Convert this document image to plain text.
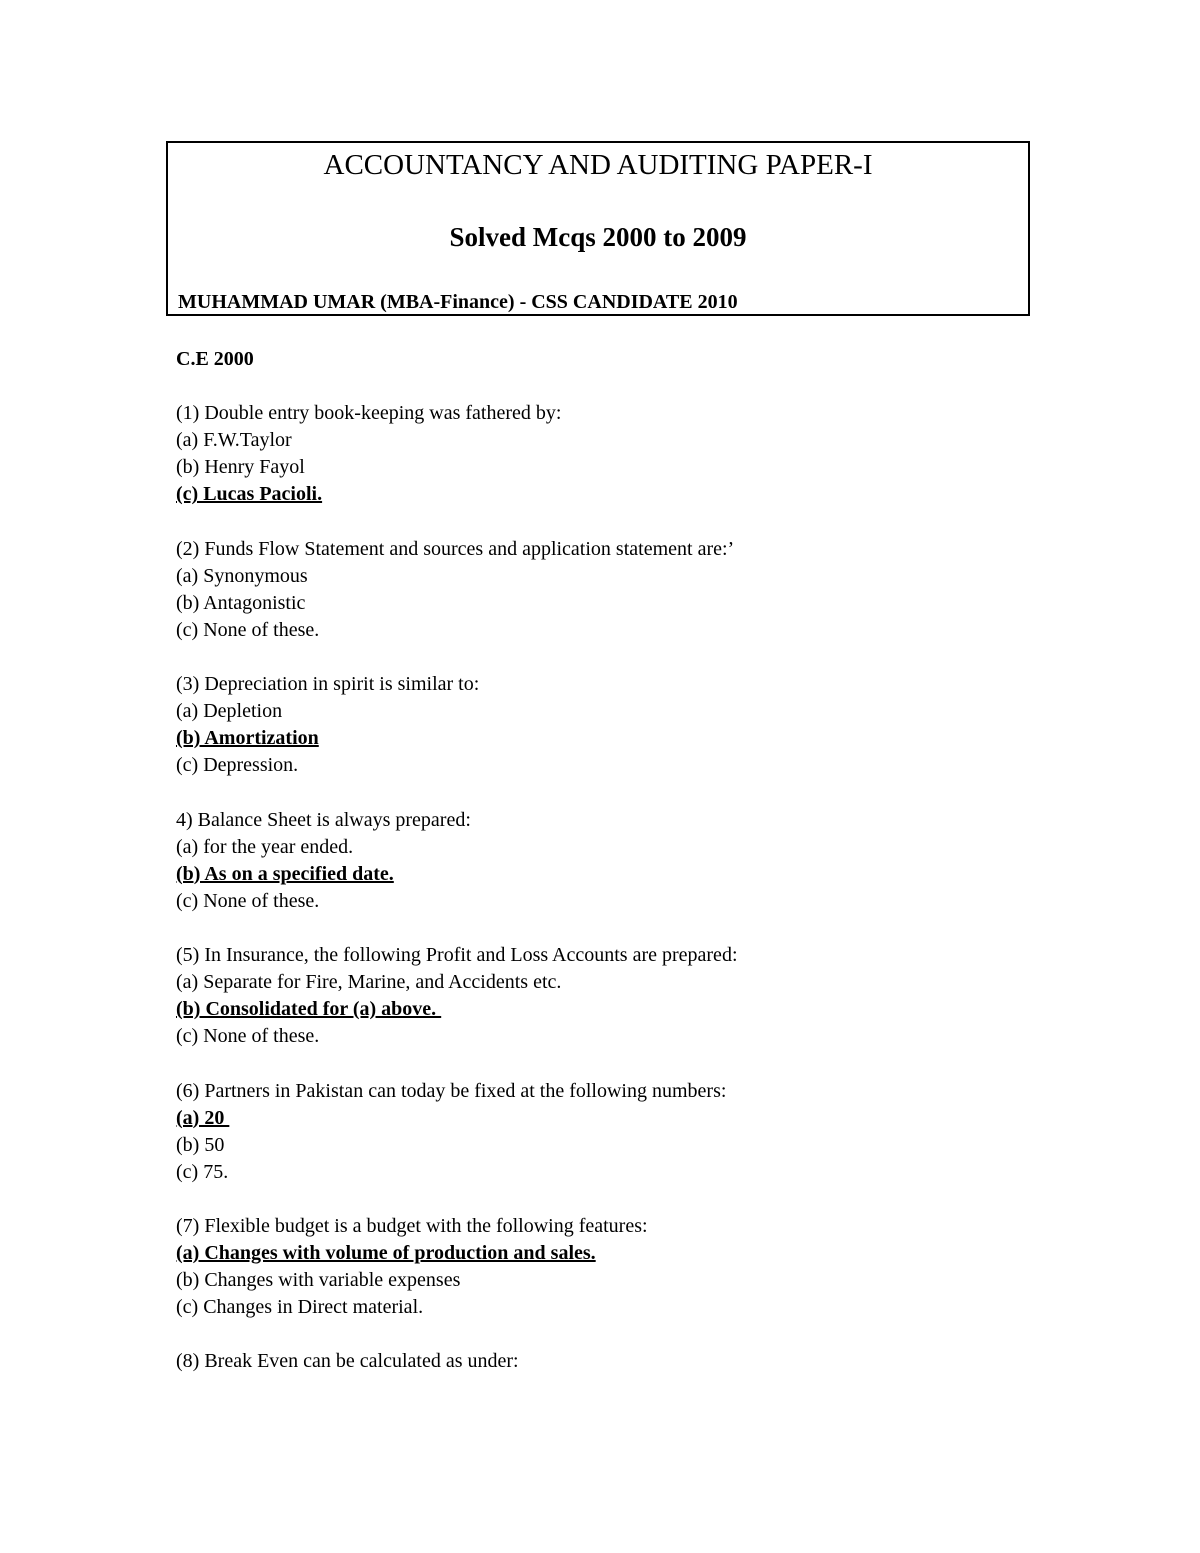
ACCOUNTANCY AND AUDITING PAPER-I
Solved Mcqs 2000 to 2009
MUHAMMAD UMAR (MBA-Finance) - CSS CANDIDATE 2010
C.E 2000
(1) Double entry book-keeping was fathered by:
(a) F.W.Taylor
(b) Henry Fayol
(c) Lucas Pacioli.
(2) Funds Flow Statement and sources and application statement are:’
(a) Synonymous
(b) Antagonistic
(c) None of these.
(3) Depreciation in spirit is similar to:
(a) Depletion
(b) Amortization
(c) Depression.
4) Balance Sheet is always prepared:
(a) for the year ended.
(b) As on a specified date.
(c) None of these.
(5) In Insurance, the following Profit and Loss Accounts are prepared:
(a) Separate for Fire, Marine, and Accidents etc.
(b) Consolidated for (a) above.
(c) None of these.
(6) Partners in Pakistan can today be fixed at the following numbers:
(a) 20
(b) 50
(c) 75.
(7) Flexible budget is a budget with the following features:
(a) Changes with volume of production and sales.
(b) Changes with variable expenses
(c) Changes in Direct material.
(8) Break Even can be calculated as under:
